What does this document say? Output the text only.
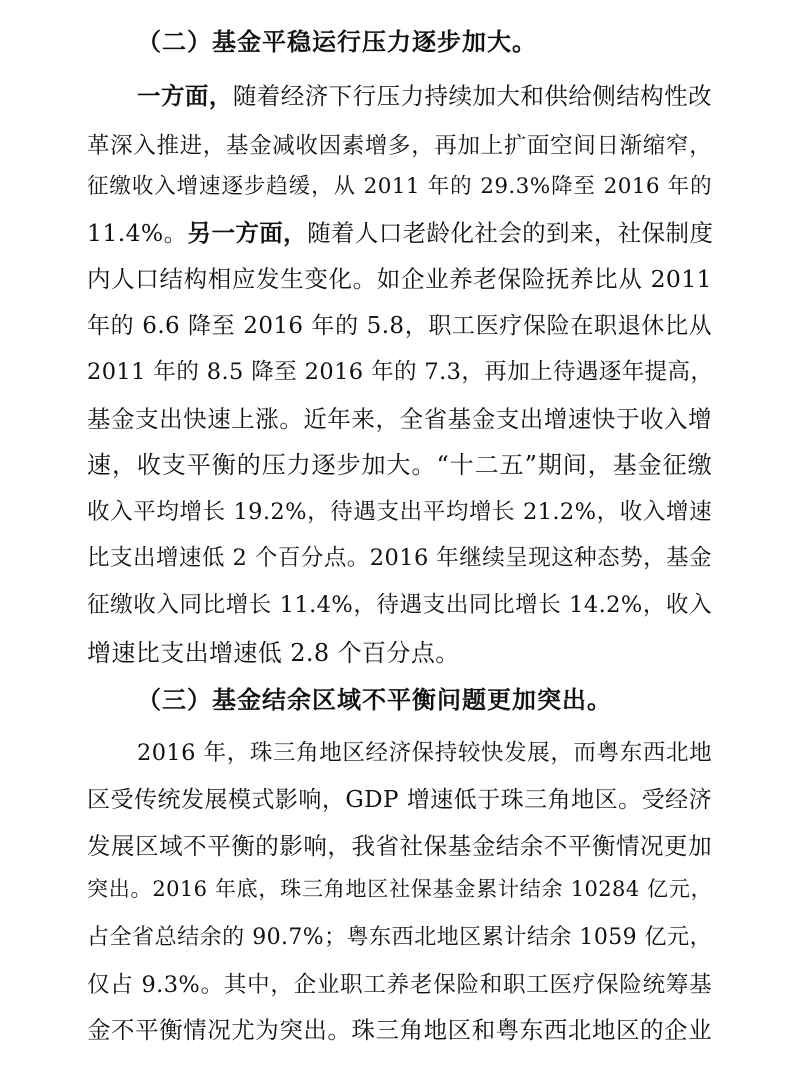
（二）基金平稳运行压力逐步加大。
一方面，随着经济下行压力持续加大和供给侧结构性改
革深入推进，基金减收因素增多，再加上扩面空间日渐缩窄，
征缴收入增速逐步趋缓，从 2011 年的 29.3%降至 2016 年的
11.4%。另一方面，随着人口老龄化社会的到来，社保制度
内人口结构相应发生变化。如企业养老保险抚养比从 2011
年的 6.6 降至 2016 年的 5.8，职工医疗保险在职退休比从
2011 年的 8.5 降至 2016 年的 7.3，再加上待遇逐年提高，
基金支出快速上涨。近年来，全省基金支出增速快于收入增
速，收支平衡的压力逐步加大。“十二五”期间，基金征缴
收入平均增长 19.2%，待遇支出平均增长 21.2%，收入增速
比支出增速低 2 个百分点。2016 年继续呈现这种态势，基金
征缴收入同比增长 11.4%，待遇支出同比增长 14.2%，收入
增速比支出增速低 2.8 个百分点。
（三）基金结余区域不平衡问题更加突出。
2016 年，珠三角地区经济保持较快发展，而粤东西北地
区受传统发展模式影响，GDP 增速低于珠三角地区。受经济
发展区域不平衡的影响，我省社保基金结余不平衡情况更加
突出。2016 年底，珠三角地区社保基金累计结余 10284 亿元，
占全省总结余的 90.7%；粤东西北地区累计结余 1059 亿元，
仅占 9.3%。其中，企业职工养老保险和职工医疗保险统筹基
金不平衡情况尤为突出。珠三角地区和粤东西北地区的企业
